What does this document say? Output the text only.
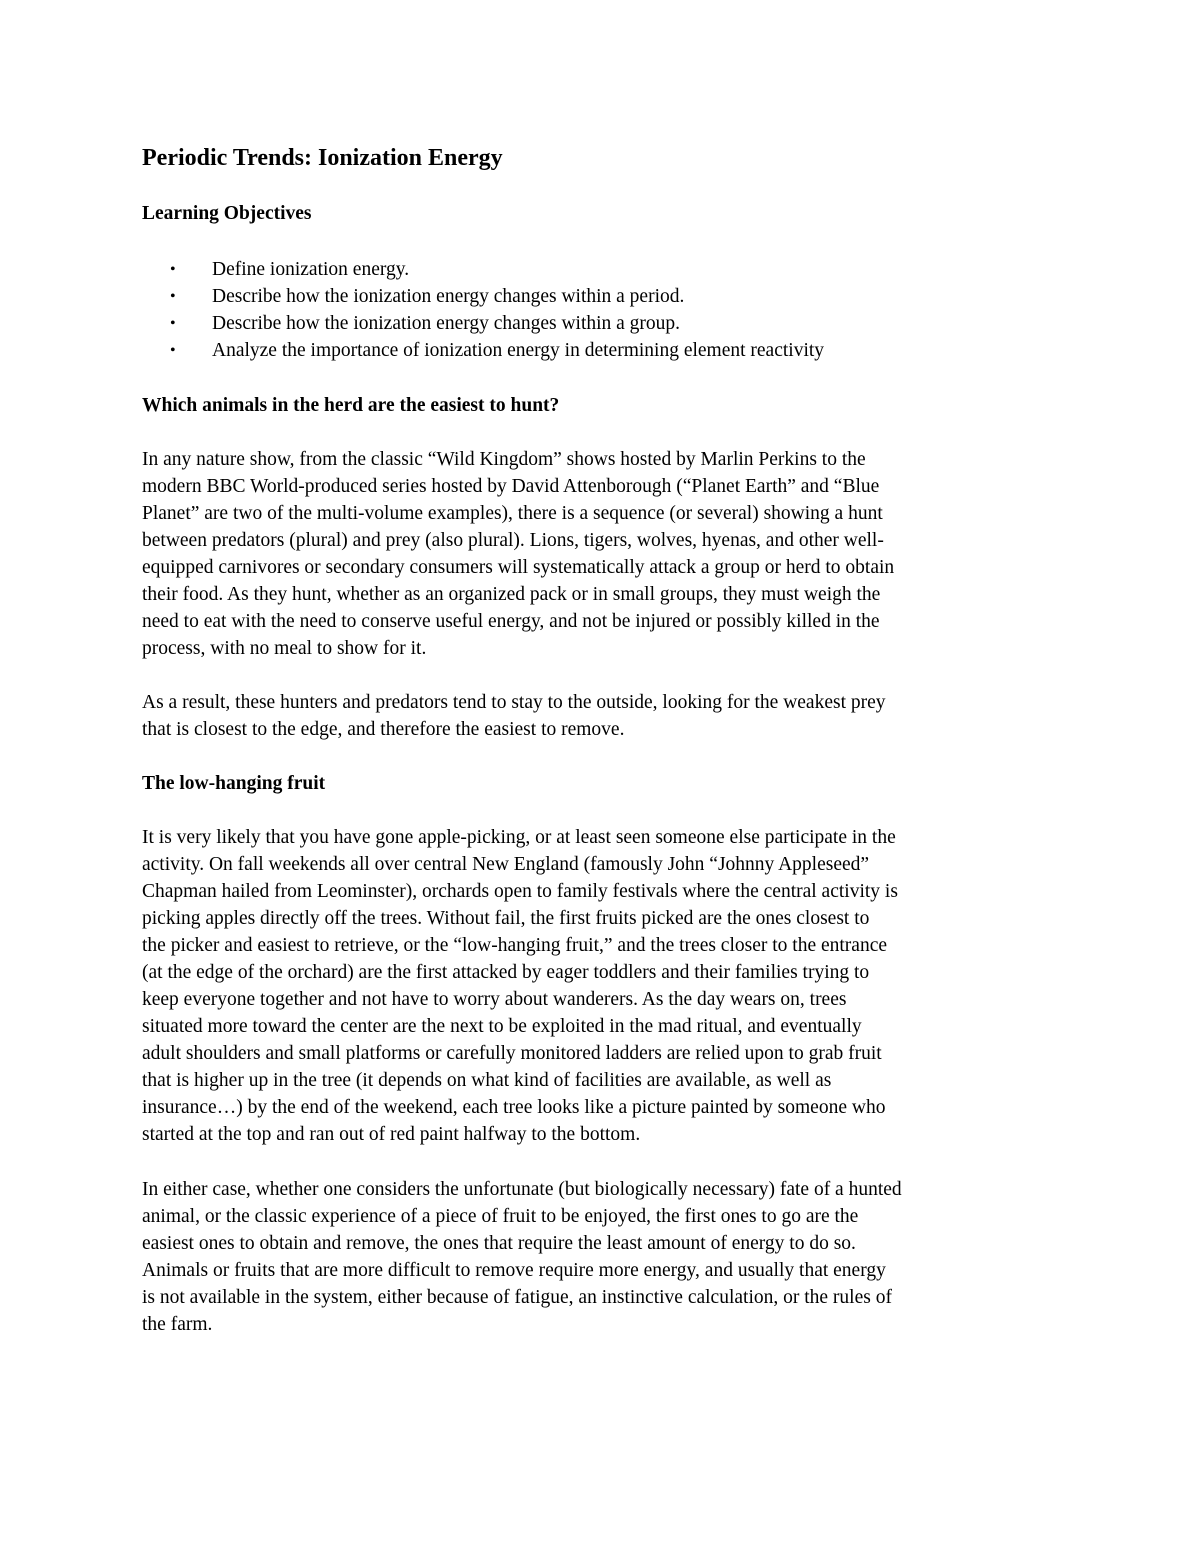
Periodic Trends: Ionization Energy
Learning Objectives
• Define ionization energy.
• Describe how the ionization energy changes within a period.
• Describe how the ionization energy changes within a group.
• Analyze the importance of ionization energy in determining element reactivity
Which animals in the herd are the easiest to hunt?

In any nature show, from the classic “Wild Kingdom” shows hosted by Marlin Perkins to the
modern BBC World-produced series hosted by David Attenborough (“Planet Earth” and “Blue
Planet” are two of the multi-volume examples), there is a sequence (or several) showing a hunt
between predators (plural) and prey (also plural). Lions, tigers, wolves, hyenas, and other well-
equipped carnivores or secondary consumers will systematically attack a group or herd to obtain
their food. As they hunt, whether as an organized pack or in small groups, they must weigh the
need to eat with the need to conserve useful energy, and not be injured or possibly killed in the
process, with no meal to show for it.

As a result, these hunters and predators tend to stay to the outside, looking for the weakest prey
that is closest to the edge, and therefore the easiest to remove.

The low-hanging fruit

It is very likely that you have gone apple-picking, or at least seen someone else participate in the
activity. On fall weekends all over central New England (famously John “Johnny Appleseed”
Chapman hailed from Leominster), orchards open to family festivals where the central activity is
picking apples directly off the trees. Without fail, the first fruits picked are the ones closest to
the picker and easiest to retrieve, or the “low-hanging fruit,” and the trees closer to the entrance
(at the edge of the orchard) are the first attacked by eager toddlers and their families trying to
keep everyone together and not have to worry about wanderers. As the day wears on, trees
situated more toward the center are the next to be exploited in the mad ritual, and eventually
adult shoulders and small platforms or carefully monitored ladders are relied upon to grab fruit
that is higher up in the tree (it depends on what kind of facilities are available, as well as
insurance…) by the end of the weekend, each tree looks like a picture painted by someone who
started at the top and ran out of red paint halfway to the bottom.

In either case, whether one considers the unfortunate (but biologically necessary) fate of a hunted
animal, or the classic experience of a piece of fruit to be enjoyed, the first ones to go are the
easiest ones to obtain and remove, the ones that require the least amount of energy to do so.
Animals or fruits that are more difficult to remove require more energy, and usually that energy
is not available in the system, either because of fatigue, an instinctive calculation, or the rules of
the farm.
